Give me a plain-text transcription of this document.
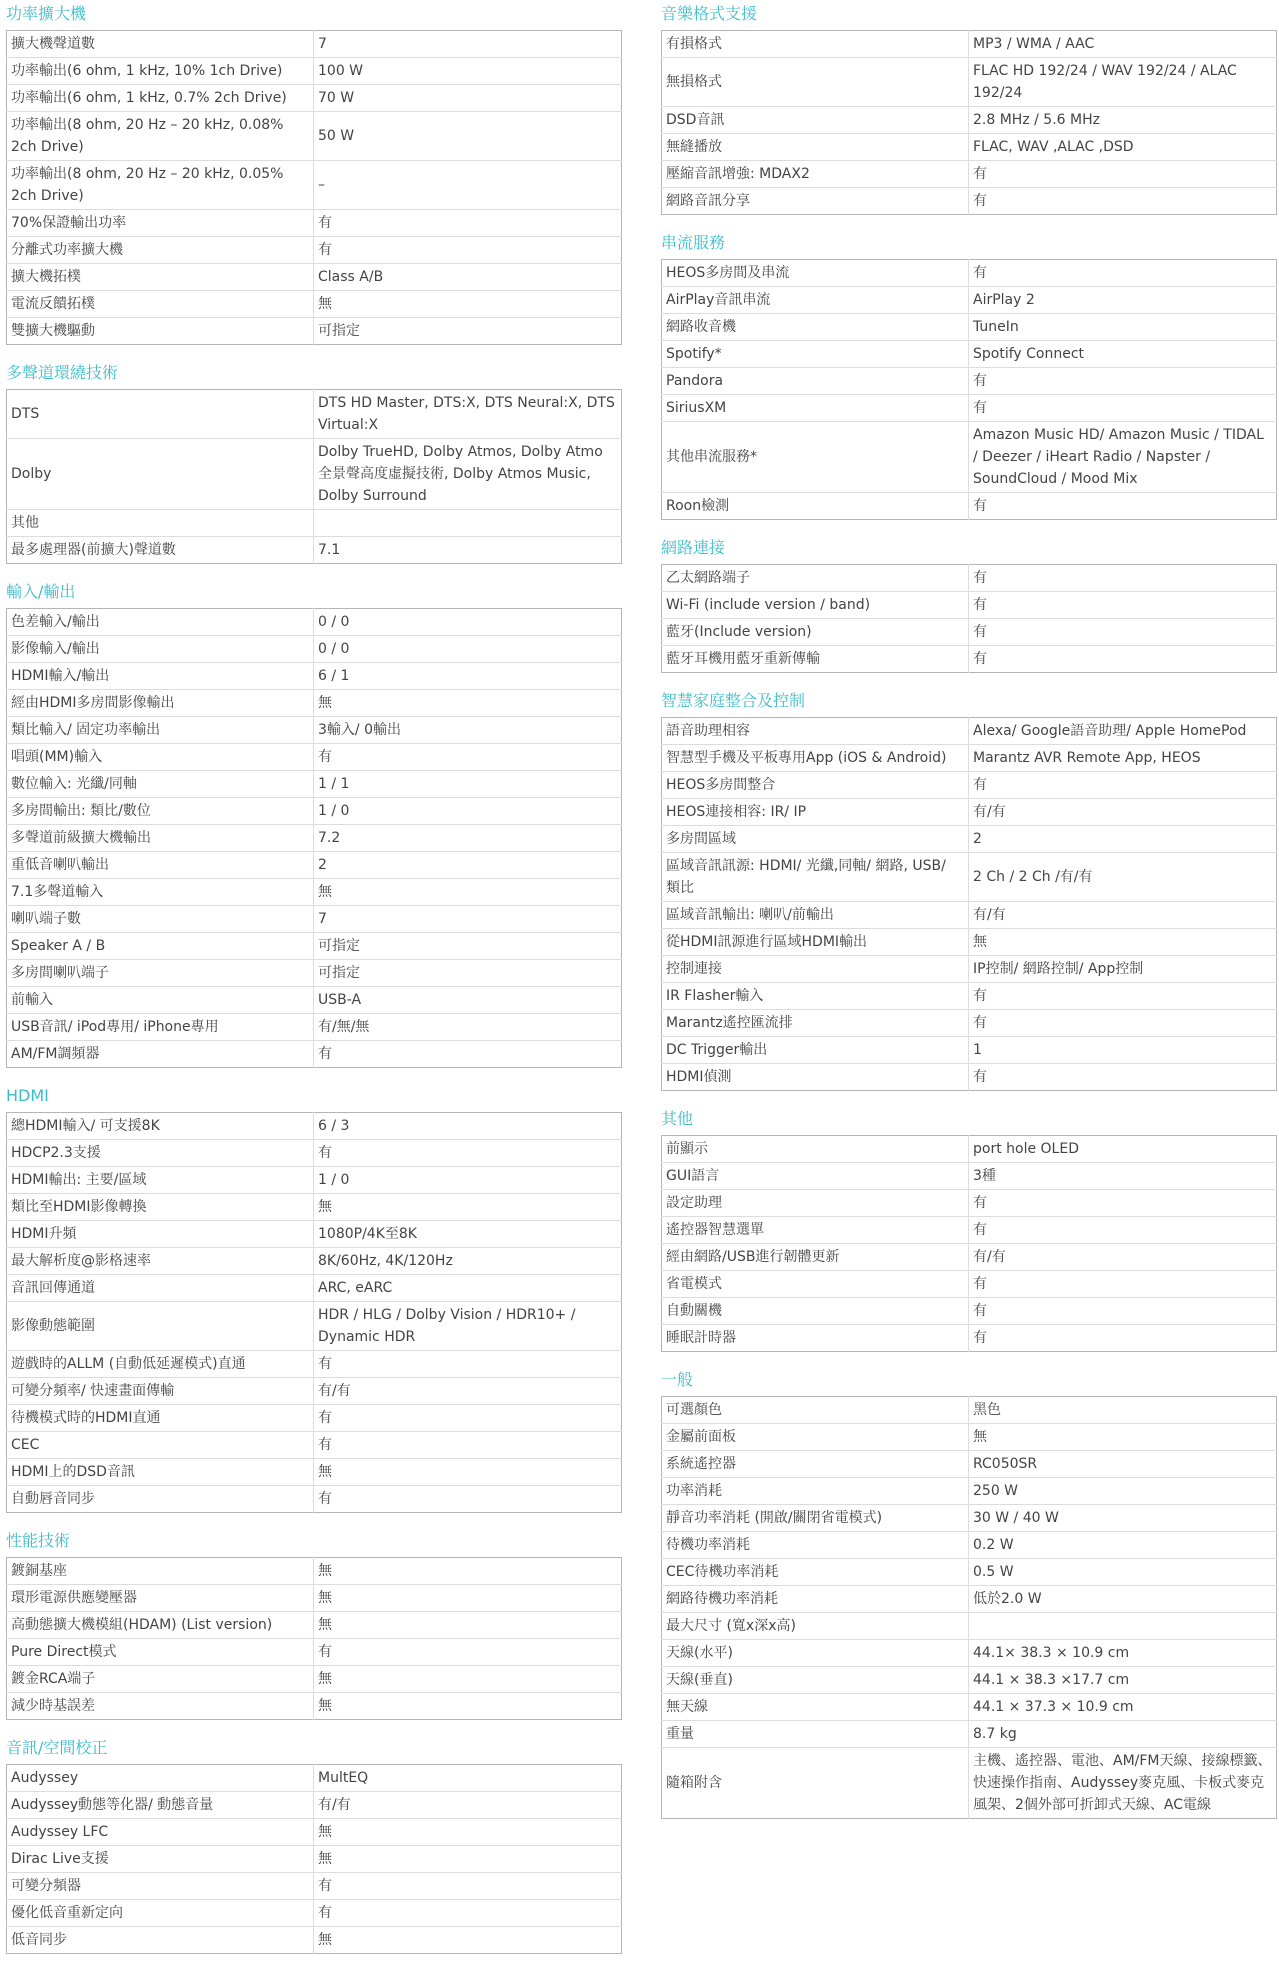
功率擴大機
擴大機聲道數	7
功率輸出(6 ohm, 1 kHz, 10% 1ch Drive)	100 W
功率輸出(6 ohm, 1 kHz, 0.7% 2ch Drive)	70 W
功率輸出(8 ohm, 20 Hz – 20 kHz, 0.08% 2ch Drive)	50 W
功率輸出(8 ohm, 20 Hz – 20 kHz, 0.05% 2ch Drive)	–
70%保證輸出功率	有
分離式功率擴大機	有
擴大機拓樸	Class A/B
電流反饋拓樸	無
雙擴大機驅動	可指定
多聲道環繞技術
DTS	DTS HD Master, DTS:X, DTS Neural:X, DTS Virtual:X
Dolby	Dolby TrueHD, Dolby Atmos, Dolby Atmo 全景聲高度虛擬技術, Dolby Atmos Music, Dolby Surround
其他	
最多處理器(前擴大)聲道數	7.1
輸入/輸出
色差輸入/輸出	0 / 0
影像輸入/輸出	0 / 0
HDMI輸入/輸出	6 / 1
經由HDMI多房間影像輸出	無
類比輸入/ 固定功率輸出	3輸入/ 0輸出
唱頭(MM)輸入	有
數位輸入: 光纖/同軸	1 / 1
多房間輸出: 類比/數位	1 / 0
多聲道前級擴大機輸出	7.2
重低音喇叭輸出	2
7.1多聲道輸入	無
喇叭端子數	7
Speaker A / B	可指定
多房間喇叭端子	可指定
前輸入	USB-A
USB音訊/ iPod專用/ iPhone專用	有/無/無
AM/FM調頻器	有
HDMI
總HDMI輸入/ 可支援8K	6 / 3
HDCP2.3支援	有
HDMI輸出: 主要/區域	1 / 0
類比至HDMI影像轉換	無
HDMI升頻	1080P/4K至8K
最大解析度@影格速率	8K/60Hz, 4K/120Hz
音訊回傳通道	ARC, eARC
影像動態範圍	HDR / HLG / Dolby Vision / HDR10+ / Dynamic HDR
遊戲時的ALLM (自動低延遲模式)直通	有
可變分頻率/ 快速畫面傳輸	有/有
待機模式時的HDMI直通	有
CEC	有
HDMI上的DSD音訊	無
自動唇音同步	有
性能技術
鍍銅基座	無
環形電源供應變壓器	無
高動態擴大機模組(HDAM) (List version)	無
Pure Direct模式	有
鍍金RCA端子	無
減少時基誤差	無
音訊/空間校正
Audyssey	MultEQ
Audyssey動態等化器/ 動態音量	有/有
Audyssey LFC	無
Dirac Live支援	無
可變分頻器	有
優化低音重新定向	有
低音同步	無
音樂格式支援
有損格式	MP3 / WMA / AAC
無損格式	FLAC HD 192/24 / WAV 192/24 / ALAC 192/24
DSD音訊	2.8 MHz / 5.6 MHz
無縫播放	FLAC, WAV ,ALAC ,DSD
壓縮音訊增強: MDAX2	有
網路音訊分享	有
串流服務
HEOS多房間及串流	有
AirPlay音訊串流	AirPlay 2
網路收音機	TuneIn
Spotify*	Spotify Connect
Pandora	有
SiriusXM	有
其他串流服務*	Amazon Music HD/ Amazon Music / TIDAL / Deezer / iHeart Radio / Napster / SoundCloud / Mood Mix
Roon檢測	有
網路連接
乙太網路端子	有
Wi-Fi (include version / band)	有
藍牙(Include version)	有
藍牙耳機用藍牙重新傳輸	有
智慧家庭整合及控制
語音助理相容	Alexa/ Google語音助理/ Apple HomePod
智慧型手機及平板專用App (iOS & Android)	Marantz AVR Remote App, HEOS
HEOS多房間整合	有
HEOS連接相容: IR/ IP	有/有
多房間區域	2
區域音訊訊源: HDMI/ 光纖,同軸/ 網路, USB/ 類比	2 Ch / 2 Ch /有/有
區域音訊輸出: 喇叭/前輸出	有/有
從HDMI訊源進行區域HDMI輸出	無
控制連接	IP控制/ 網路控制/ App控制
IR Flasher輸入	有
Marantz遙控匯流排	有
DC Trigger輸出	1
HDMI偵測	有
其他
前顯示	port hole OLED
GUI語言	3種
設定助理	有
遙控器智慧選單	有
經由網路/USB進行韌體更新	有/有
省電模式	有
自動關機	有
睡眠計時器	有
一般
可選顏色	黑色
金屬前面板	無
系統遙控器	RC050SR
功率消耗	250 W
靜音功率消耗 (開啟/關閉省電模式)	30 W / 40 W
待機功率消耗	0.2 W
CEC待機功率消耗	0.5 W
網路待機功率消耗	低於2.0 W
最大尺寸 (寬x深x高)	
天線(水平)	44.1× 38.3 × 10.9 cm
天線(垂直)	44.1 × 38.3 ×17.7 cm
無天線	44.1 × 37.3 × 10.9 cm
重量	8.7 kg
隨箱附含	主機、遙控器、電池、AM/FM天線、接線標籤、快速操作指南、Audyssey麥克風、卡板式麥克風架、2個外部可折卸式天線、AC電線
